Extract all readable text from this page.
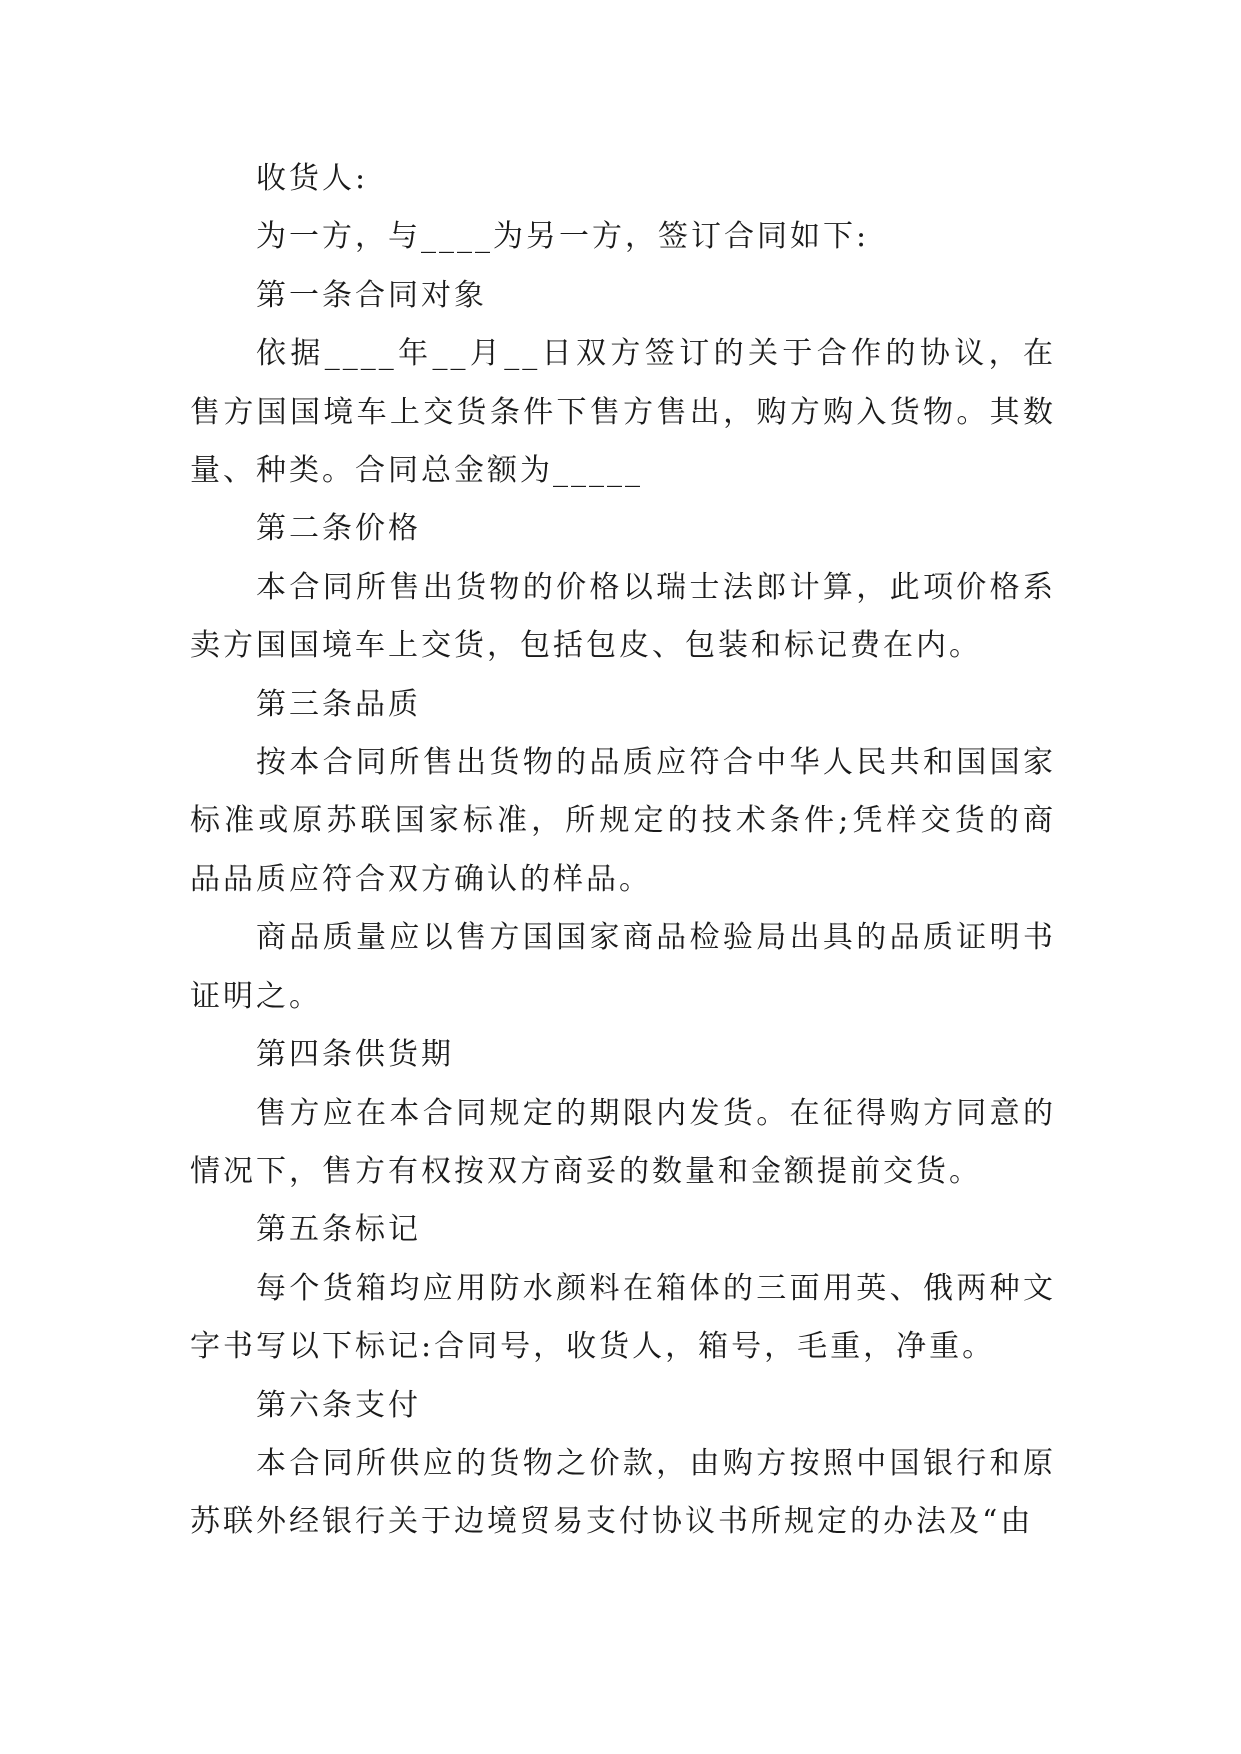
收货人:

为一方，与____为另一方，签订合同如下:

第一条合同对象

依据____年__月__日双方签订的关于合作的协议，在售方国国境车上交货条件下售方售出，购方购入货物。其数量、种类。合同总金额为_____

第二条价格

本合同所售出货物的价格以瑞士法郎计算，此项价格系卖方国国境车上交货，包括包皮、包装和标记费在内。

第三条品质

按本合同所售出货物的品质应符合中华人民共和国国家标准或原苏联国家标准，所规定的技术条件;凭样交货的商品品质应符合双方确认的样品。

商品质量应以售方国国家商品检验局出具的品质证明书证明之。

第四条供货期

售方应在本合同规定的期限内发货。在征得购方同意的情况下，售方有权按双方商妥的数量和金额提前交货。

第五条标记

每个货箱均应用防水颜料在箱体的三面用英、俄两种文字书写以下标记:合同号，收货人，箱号，毛重，净重。

第六条支付

本合同所供应的货物之价款，由购方按照中国银行和原苏联外经银行关于边境贸易支付协议书所规定的办法及“由
